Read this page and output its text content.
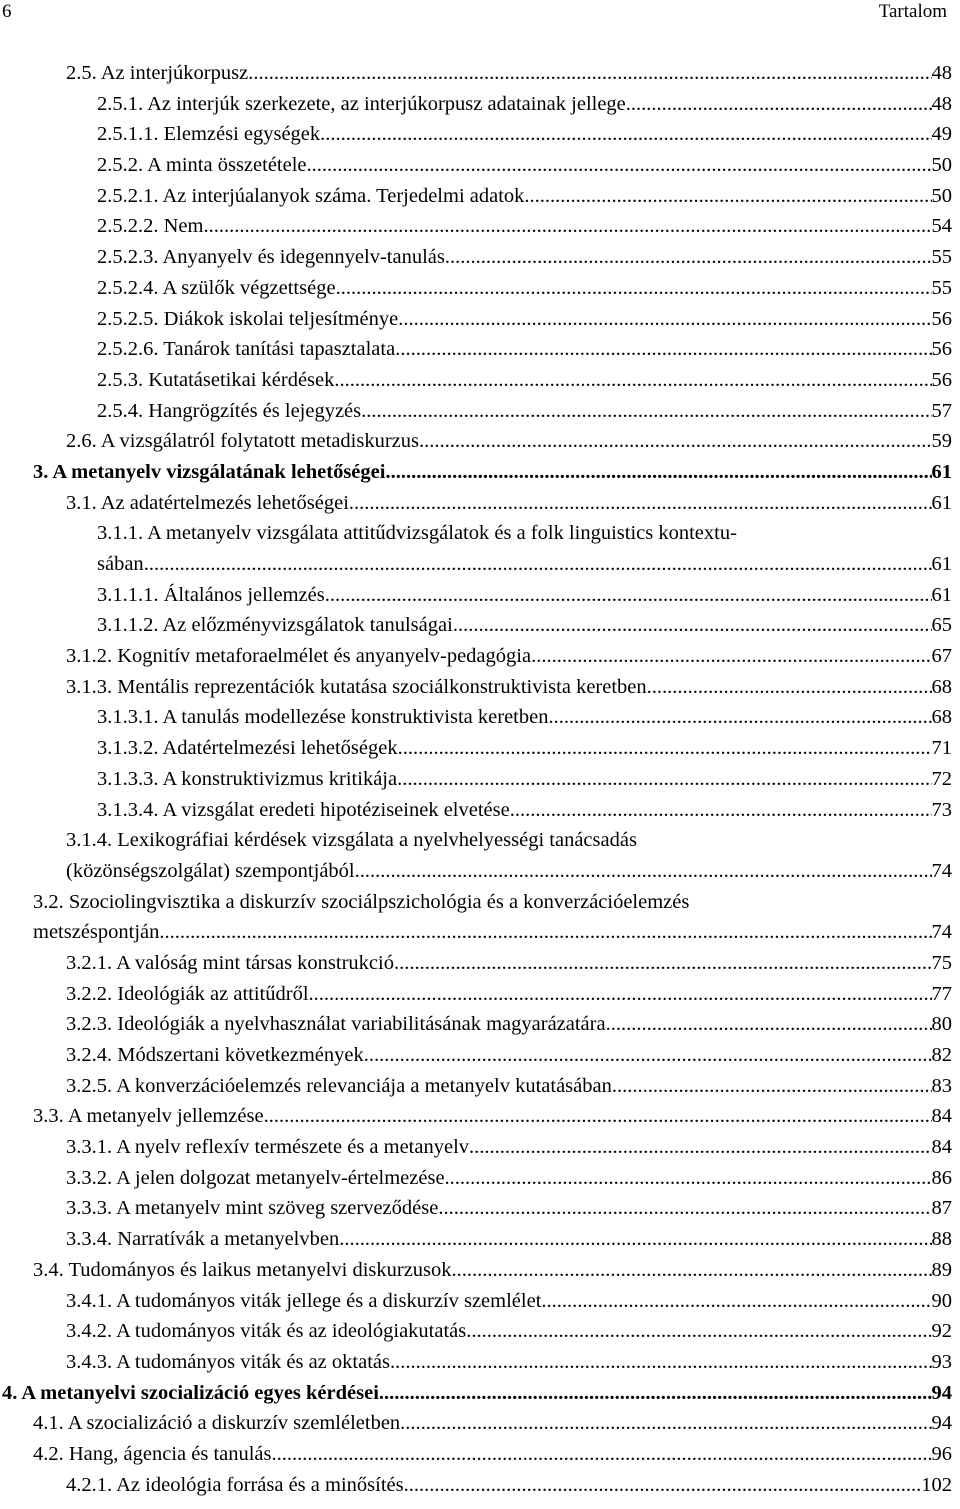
6	Tartalom
2.5. Az interjúkorpusz .....	48
2.5.1. Az interjúk szerkezete, az interjúkorpusz adatainak jellege .....	48
2.5.1.1. Elemzési egységek .....	49
2.5.2. A minta összetétele .....	50
2.5.2.1. Az interjúalanyok száma. Terjedelmi adatok .....	50
2.5.2.2. Nem .....	54
2.5.2.3. Anyanyelv és idegennyelv-tanulás .....	55
2.5.2.4. A szülők végzettsége .....	55
2.5.2.5. Diákok iskolai teljesítménye .....	56
2.5.2.6. Tanárok tanítási tapasztalata .....	56
2.5.3. Kutatásetikai kérdések .....	56
2.5.4. Hangrögzítés és lejegyzés .....	57
2.6. A vizsgálatról folytatott metadiskurzus .....	59
3. A metanyelv vizsgálatának lehetőségei .....	61
3.1. Az adatértelmezés lehetőségei .....	61
3.1.1. A metanyelv vizsgálata attitűdvizsgálatok és a folk linguistics kontextu-
sában .....	61
3.1.1.1. Általános jellemzés .....	61
3.1.1.2. Az előzményvizsgálatok tanulságai .....	65
3.1.2. Kognitív metaforaelmélet és anyanyelv-pedagógia .....	67
3.1.3. Mentális reprezentációk kutatása szociálkonstruktivista keretben .....	68
3.1.3.1. A tanulás modellezése konstruktivista keretben .....	68
3.1.3.2. Adatértelmezési lehetőségek .....	71
3.1.3.3. A konstruktivizmus kritikája .....	72
3.1.3.4. A vizsgálat eredeti hipotéziseinek elvetése .....	73
3.1.4. Lexikográfiai kérdések vizsgálata a nyelvhelyességi tanácsadás
(közönségszolgálat) szempontjából .....	74
3.2. Szociolingvisztika a diskurzív szociálpszichológia és a konverzációelemzés
metszéspontján .....	74
3.2.1. A valóság mint társas konstrukció .....	75
3.2.2. Ideológiák az attitűdről .....	77
3.2.3. Ideológiák a nyelvhasználat variabilitásának magyarázatára .....	80
3.2.4. Módszertani következmények .....	82
3.2.5. A konverzációelemzés relevanciája a metanyelv kutatásában .....	83
3.3. A metanyelv jellemzése .....	84
3.3.1. A nyelv reflexív természete és a metanyelv .....	84
3.3.2. A jelen dolgozat metanyelv-értelmezése .....	86
3.3.3. A metanyelv mint szöveg szerveződése .....	87
3.3.4. Narratívák a metanyelvben .....	88
3.4. Tudományos és laikus metanyelvi diskurzusok .....	89
3.4.1. A tudományos viták jellege és a diskurzív szemlélet .....	90
3.4.2. A tudományos viták és az ideológiakutatás .....	92
3.4.3. A tudományos viták és az oktatás .....	93
4. A metanyelvi szocializáció egyes kérdései .....	94
4.1. A szocializáció a diskurzív szemléletben .....	94
4.2. Hang, ágencia és tanulás .....	96
4.2.1. Az ideológia forrása és a minősítés .....	102
